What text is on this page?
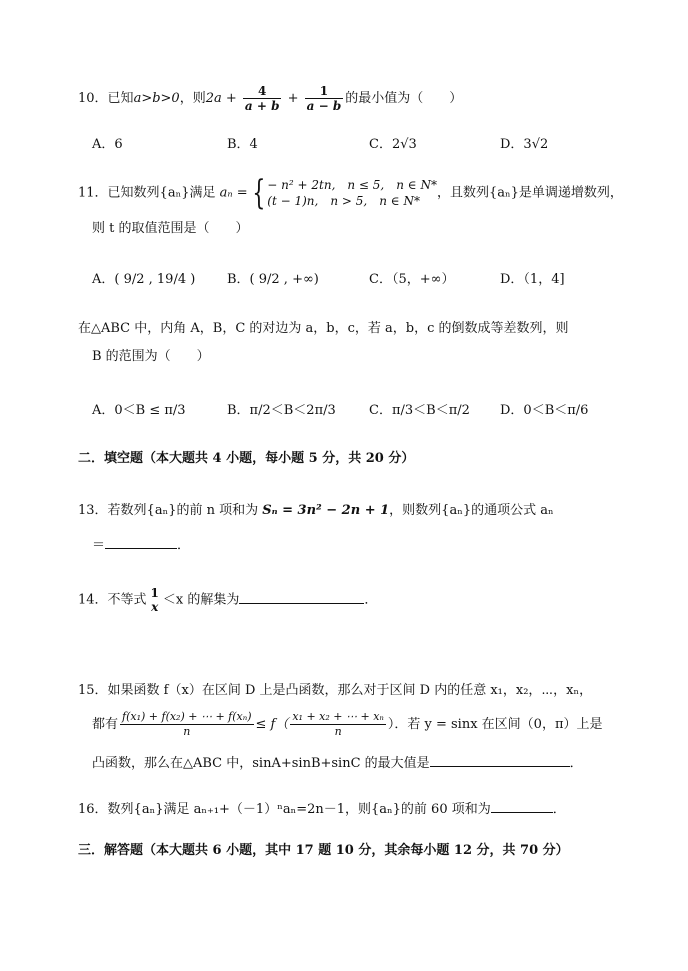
10．已知a>b>0，则$2a + \frac{4}{a + b} + \frac{1}{a - b}$ 的最小值为（　　）
A．6	B．4	C．2√3	D．3√2
11．已知数列{aₙ}满足 aₙ = { − n² + 2tn,　n ≤ 5,　n ∈ N*
(t − 1)n,　n > 5,　n ∈ N*
，且数列{aₙ}是单调递增数列，
则 t 的取值范围是（　　）
A．( 9/2 , 19/4 ) B．( 9/2 , +∞)	C．（5，+∞）	D．（1，4]
在△ABC 中，内角 A，B，C 的对边为 a，b，c，若 a，b，c 的倒数成等差数列，则
B 的范围为（　　）
A．0＜B ≤ π/3	B．π/2＜B＜2π/3	C．π/3＜B＜π/2 D．0＜B＜π/6
二．填空题（本大题共 4 小题，每小题 5 分，共 20 分）
13．若数列{aₙ}的前 n 项和为 Sₙ = 3n² − 2n + 1，则数列{aₙ}的通项公式 aₙ
＝	．
14．不等式 1
x ＜x 的解集为	．
15．如果函数 f（x）在区间 D 上是凸函数，那么对于区间 D 内的任意 x₁，x₂，⋯，xₙ，
都有 $\frac{\text{f(x₁) + f(x₂) + ⋯ + f(xₙ)}}{n} \le f( \frac{\text{x₁ + x₂ + ⋯ + xₙ}}{n}$ ）．若 y = sinx 在区间（0，π）上是
凸函数，那么在△ABC 中，sinA+sinB+sinC 的最大值是	．
16．数列{aₙ}满足 aₙ₊₁+（－1）ⁿaₙ=2n－1，则{aₙ}的前 60 项和为	．
三．解答题（本大题共 6 小题，其中 17 题 10 分，其余每小题 12 分，共 70 分）
